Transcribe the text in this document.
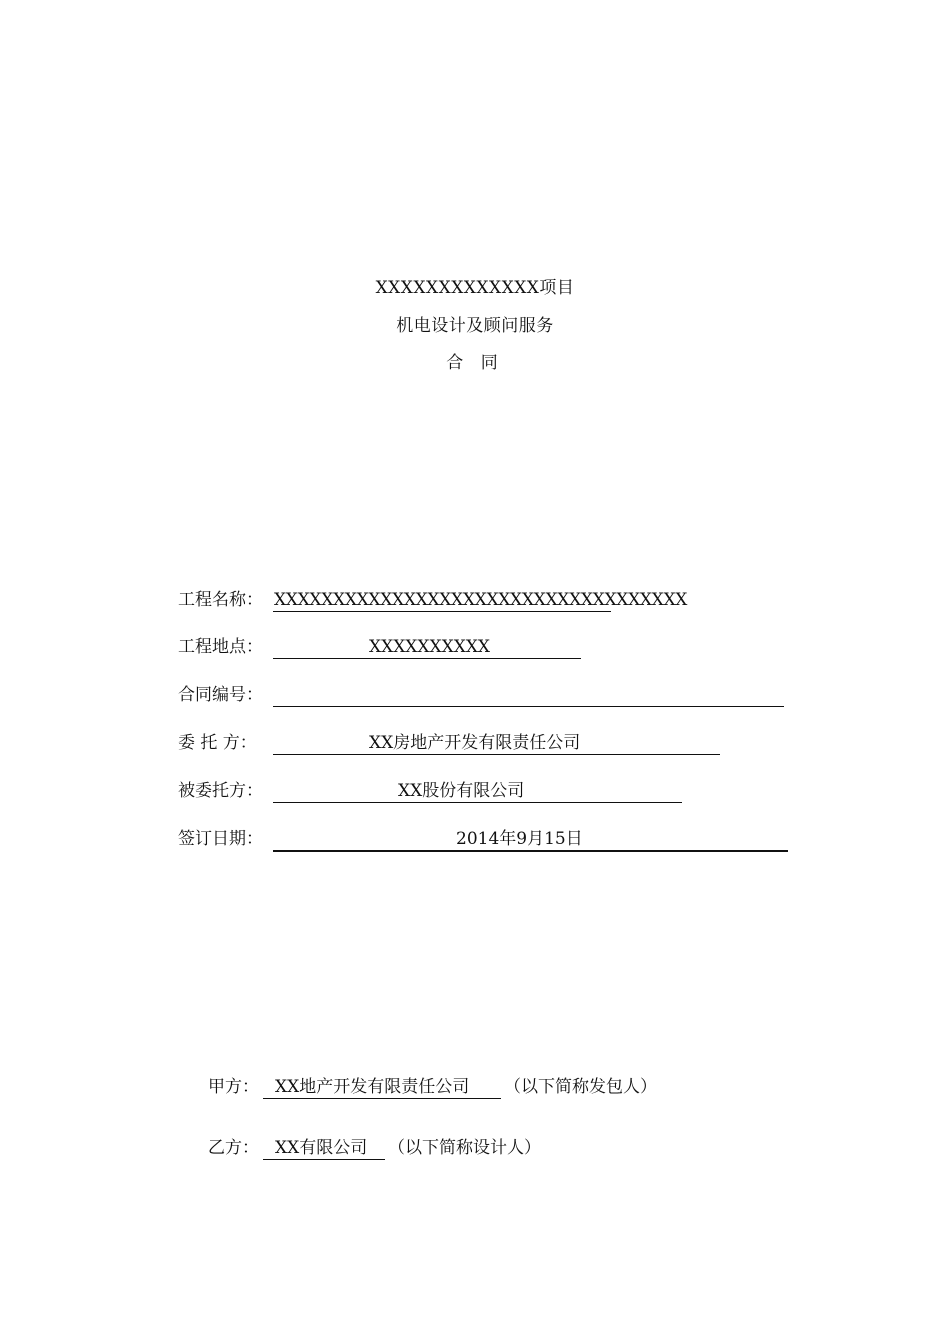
XXXXXXXXXXXXX项目
机电设计及顾问服务
合 同
工程名称： XXXXXXXXXXXXXXXXXXXXXXXXXXXXXXXXXXX
工程地点：	XXXXXXXXXX
合同编号：
委 托 方：	XX房地产开发有限责任公司
被委托方：	XX股份有限公司
签订日期：	2014年9月15日
甲方： XX地产开发有限责任公司 （以下简称发包人）
乙方： XX有限公司 （以下简称设计人）
